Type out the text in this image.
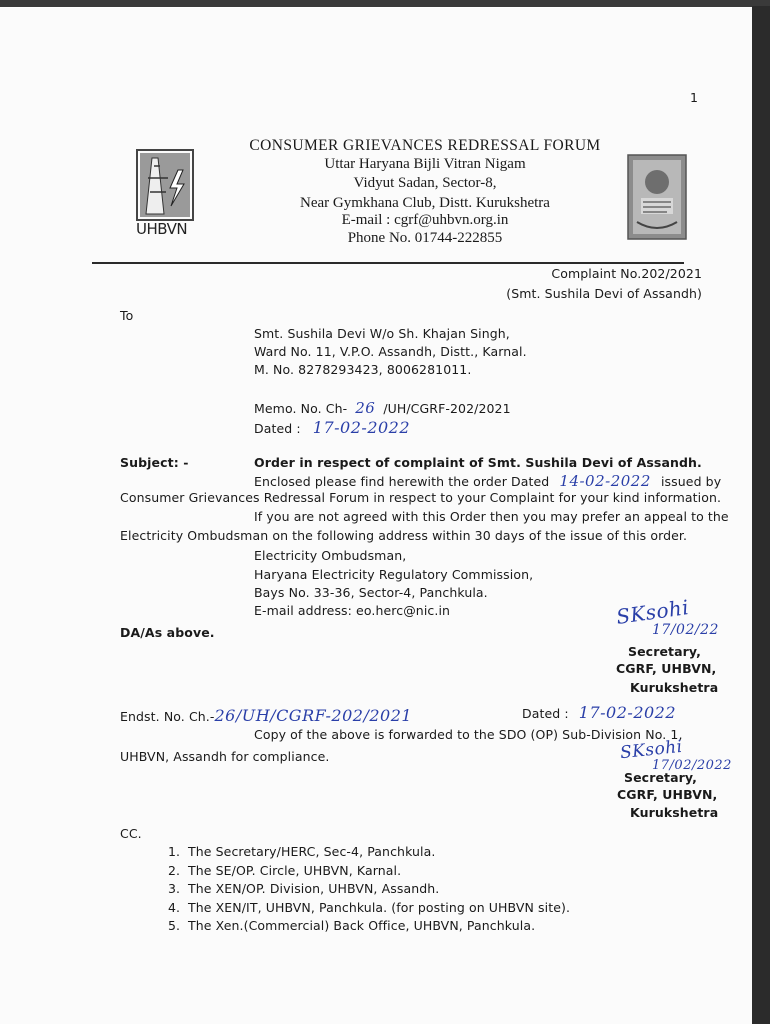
1
UHBVN
CONSUMER GRIEVANCES REDRESSAL FORUM
Uttar Haryana Bijli Vitran Nigam
Vidyut Sadan, Sector-8,
Near Gymkhana Club, Distt. Kurukshetra
E-mail : cgrf@uhbvn.org.in
Phone No. 01744-222855
Complaint No.202/2021
(Smt. Sushila Devi of Assandh)
To
Smt. Sushila Devi W/o Sh. Khajan Singh,
Ward No. 11, V.P.O. Assandh, Distt., Karnal.
M. No. 8278293423, 8006281011.
Memo. No. Ch- 26 /UH/CGRF-202/2021
Dated : 17-02-2022
Subject: -	Order in respect of complaint of Smt. Sushila Devi of Assandh.
Enclosed please find herewith the order Dated 14-02-2022 issued by
Consumer Grievances Redressal Forum in respect to your Complaint for your kind information.
If you are not agreed with this Order then you may prefer an appeal to the
Electricity Ombudsman on the following address within 30 days of the issue of this order.
Electricity Ombudsman,
Haryana Electricity Regulatory Commission,
Bays No. 33-36, Sector-4, Panchkula.
E-mail address: eo.herc@nic.in
DA/As above.
SKsohi
17/02/22
Secretary,
CGRF, UHBVN,
Kurukshetra
Endst. No. Ch.-26/UH/CGRF-202/2021	Dated : 17-02-2022
Copy of the above is forwarded to the SDO (OP) Sub-Division No. 1,
UHBVN, Assandh for compliance.	SKsohi
17/02/2022
Secretary,
CGRF, UHBVN,
Kurukshetra
CC.
1. The Secretary/HERC, Sec-4, Panchkula.
2. The SE/OP. Circle, UHBVN, Karnal.
3. The XEN/OP. Division, UHBVN, Assandh.
4. The XEN/IT, UHBVN, Panchkula. (for posting on UHBVN site).
5. The Xen.(Commercial) Back Office, UHBVN, Panchkula.
